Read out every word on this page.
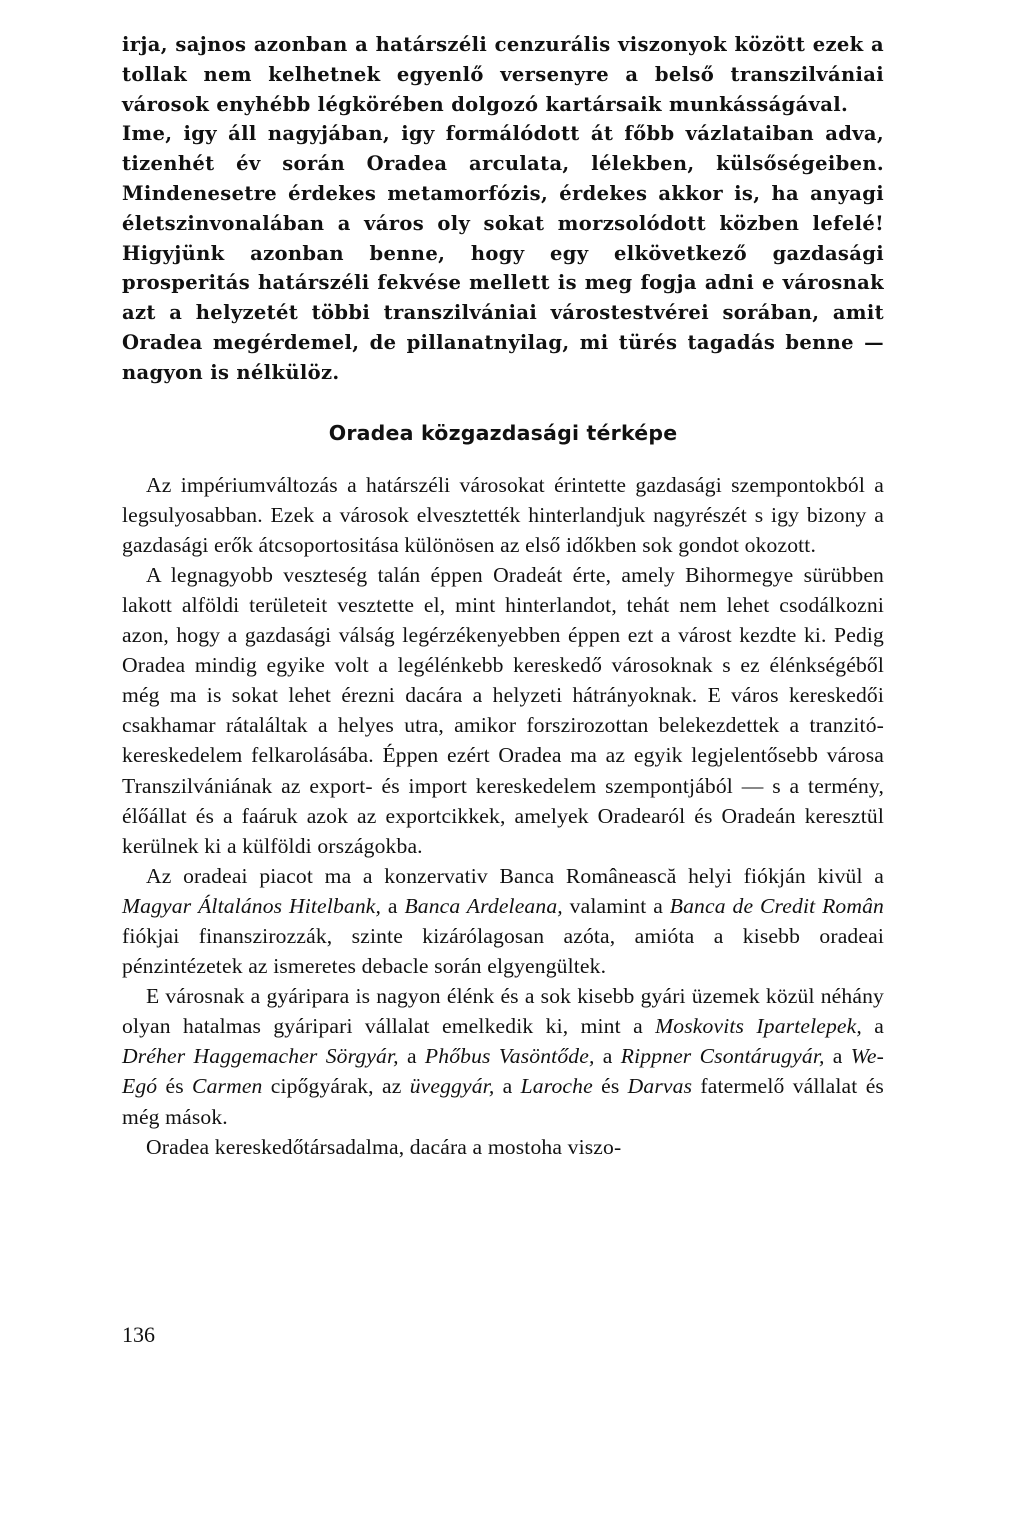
irja, sajnos azonban a határszéli cenzurális viszonyok között ezek a tollak nem kelhetnek egyenlő versenyre a belső transzilvániai városok enyhébb légkörében dolgozó kartársaik munkásságával.

Ime, igy áll nagyjában, igy formálódott át főbb vázlataiban adva, tizenhét év során Oradea arculata, lélekben, külsőségeiben. Mindenesetre érdekes metamorfózis, érdekes akkor is, ha anyagi életszinvonalában a város oly sokat morzsolódott közben lefelé! Higyjünk azonban benne, hogy egy elkövetkező gazdasági prosperitás határszéli fekvése mellett is meg fogja adni e városnak azt a helyzetét többi transzilvániai várostestvérei sorában, amit Oradea megérdemel, de pillanatnyilag, mi türés tagadás benne — nagyon is nélkülöz.

Oradea közgazdasági térképe

Az impériumváltozás a határszéli városokat érintette gazdasági szempontokból a legsulyosabban. Ezek a városok elvesztették hinterlandjuk nagyrészét s igy bizony a gazdasági erők átcsoportositása különösen az első időkben sok gondot okozott.

A legnagyobb veszteség talán éppen Oradeát érte, amely Bihormegye sürübben lakott alföldi területeit vesztette el, mint hinterlandot, tehát nem lehet csodálkozni azon, hogy a gazdasági válság legérzékenyebben éppen ezt a várost kezdte ki. Pedig Oradea mindig egyike volt a legélénkebb kereskedő városoknak s ez élénkségéből még ma is sokat lehet érezni dacára a helyzeti hátrányoknak. E város kereskedői csakhamar rátaláltak a helyes utra, amikor forszirozottan belekezdettek a tranzitó-kereskedelem felkarolásába. Éppen ezért Oradea ma az egyik legjelentősebb városa Transzilvániának az export- és import kereskedelem szempontjából — s a termény, élőállat és a faáruk azok az exportcikkek, amelyek Oradearól és Oradeán keresztül kerülnek ki a külföldi országokba.

Az oradeai piacot ma a konzervativ Banca Românească helyi fiókján kivül a Magyar Általános Hitelbank, a Banca Ardeleana, valamint a Banca de Credit Român fiókjai finanszirozzák, szinte kizárólagosan azóta, amióta a kisebb oradeai pénzintézetek az ismeretes debacle során elgyengültek.

E városnak a gyáripara is nagyon élénk és a sok kisebb gyári üzemek közül néhány olyan hatalmas gyáripari vállalat emelkedik ki, mint a Moskovits Ipartelepek, a Dréher Haggemacher Sörgyár, a Phőbus Vasöntőde, a Rippner Csontárugyár, a We-Egó és Carmen cipőgyárak, az üveggyár, a Laroche és Darvas fatermelő vállalat és még mások.

Oradea kereskedőtársadalma, dacára a mostoha viszo-

136
